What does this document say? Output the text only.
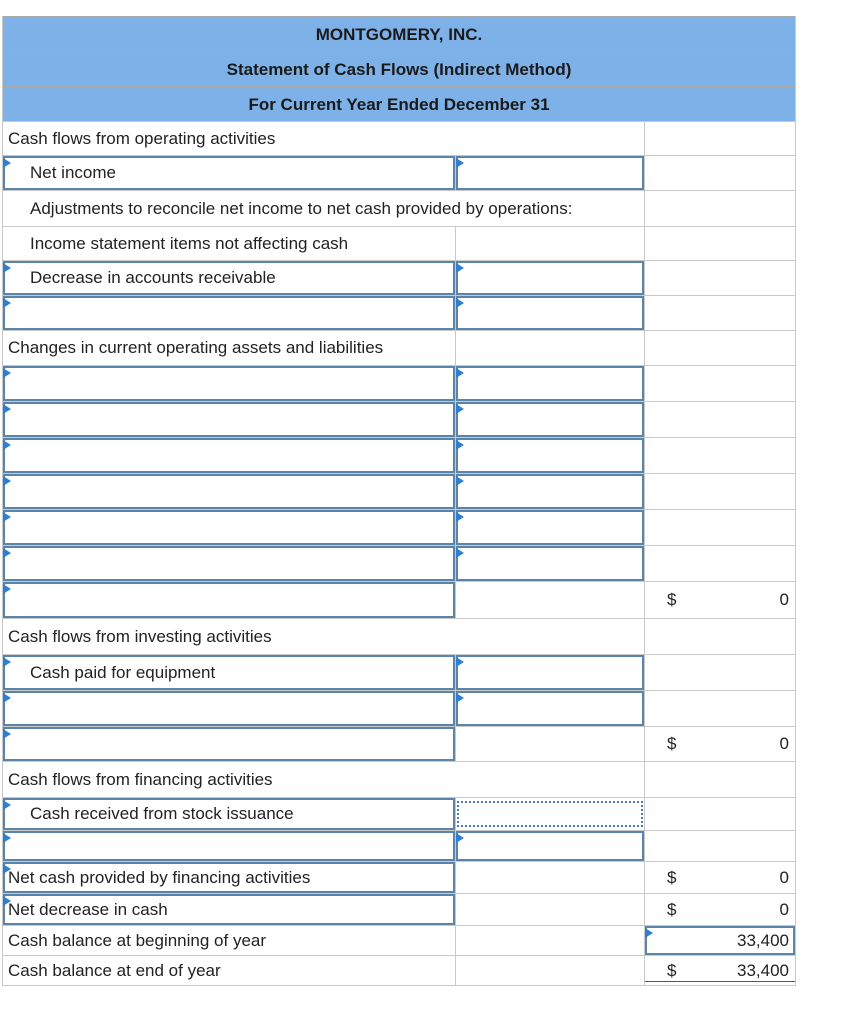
MONTGOMERY, INC.
Statement of Cash Flows (Indirect Method)
For Current Year Ended December 31
Cash flows from operating activities
Net income
Adjustments to reconcile net income to net cash provided by operations:
Income statement items not affecting cash
Decrease in accounts receivable
Changes in current operating assets and liabilities
$	0
Cash flows from investing activities
Cash paid for equipment
$	0
Cash flows from financing activities
Cash received from stock issuance
Net cash provided by financing activities	$	0
Net decrease in cash	$	0
Cash balance at beginning of year	33,400
Cash balance at end of year	$	33,400
